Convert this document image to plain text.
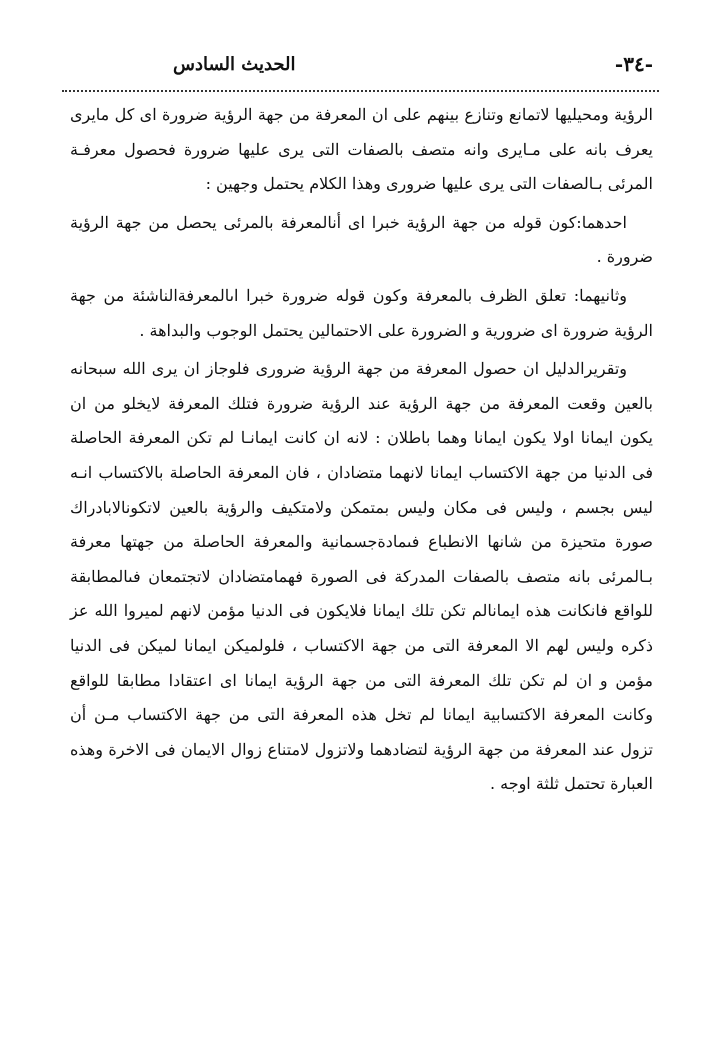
-٣٤-
الحديث السادس

الرؤية ومحيليها لاتمانع وتنازع بينهم على ان المعرفة من جهة الرؤية ضرورة اى كل مايرى يعرف بانه على مـايرى وانه متصف بالصفات التى يرى عليها ضرورة فحصول معرفـة المرئى بـالصفات التى يرى عليها ضرورى وهذا الكلام يحتمل وجهين :

احدهما:كون قوله من جهة الرؤية خبرا اى أنالمعرفة بالمرئى يحصل من جهة الرؤية ضرورة .

وثانيهما: تعلق الظرف بالمعرفة وكون قوله ضرورة خبرا اىالمعرفةالناشئة من جهة الرؤية ضرورة اى ضرورية و الضرورة على الاحتمالين يحتمل الوجوب والبداهة .

وتقريرالدليل ان حصول المعرفة من جهة الرؤية ضرورى فلوجاز ان يرى الله سبحانه بالعين وقعت المعرفة من جهة الرؤية عند الرؤية ضرورة فتلك المعرفة لايخلو من ان يكون ايمانا اولا يكون ايمانا وهما باطلان : لانه ان كانت ايمانـا لم تكن المعرفة الحاصلة فى الدنيا من جهة الاكتساب ايمانا لانهما متضادان ، فان المعرفة الحاصلة بالاكتساب انـه ليس بجسم ، وليس فى مكان وليس بمتمكن ولامتكيف والرؤية بالعين لاتكونالابادراك صورة متحيزة من شانها الانطباع فىمادةجسمانية والمعرفة الحاصلة من جهتها معرفة بـالمرئى بانه متصف بالصفات المدركة فى الصورة فهمامتضادان لاتجتمعان فىالمطابقة للواقع فانكانت هذه ايمانالم تكن تلك ايمانا فلايكون فى الدنيا مؤمن لانهم لميروا الله عز ذكره وليس لهم الا المعرفة التى من جهة الاكتساب ، فلولميكن ايمانا لميكن فى الدنيا مؤمن و ان لم تكن تلك المعرفة التى من جهة الرؤية ايمانا اى اعتقادا مطابقا للواقع وكانت المعرفة الاكتسابية ايمانا لم تخل هذه المعرفة التى من جهة الاكتساب مـن أن تزول عند المعرفة من جهة الرؤية لتضادهما ولاتزول لامتناع زوال الايمان فى الاخرة وهذه العبارة تحتمل ثلثة اوجه .
